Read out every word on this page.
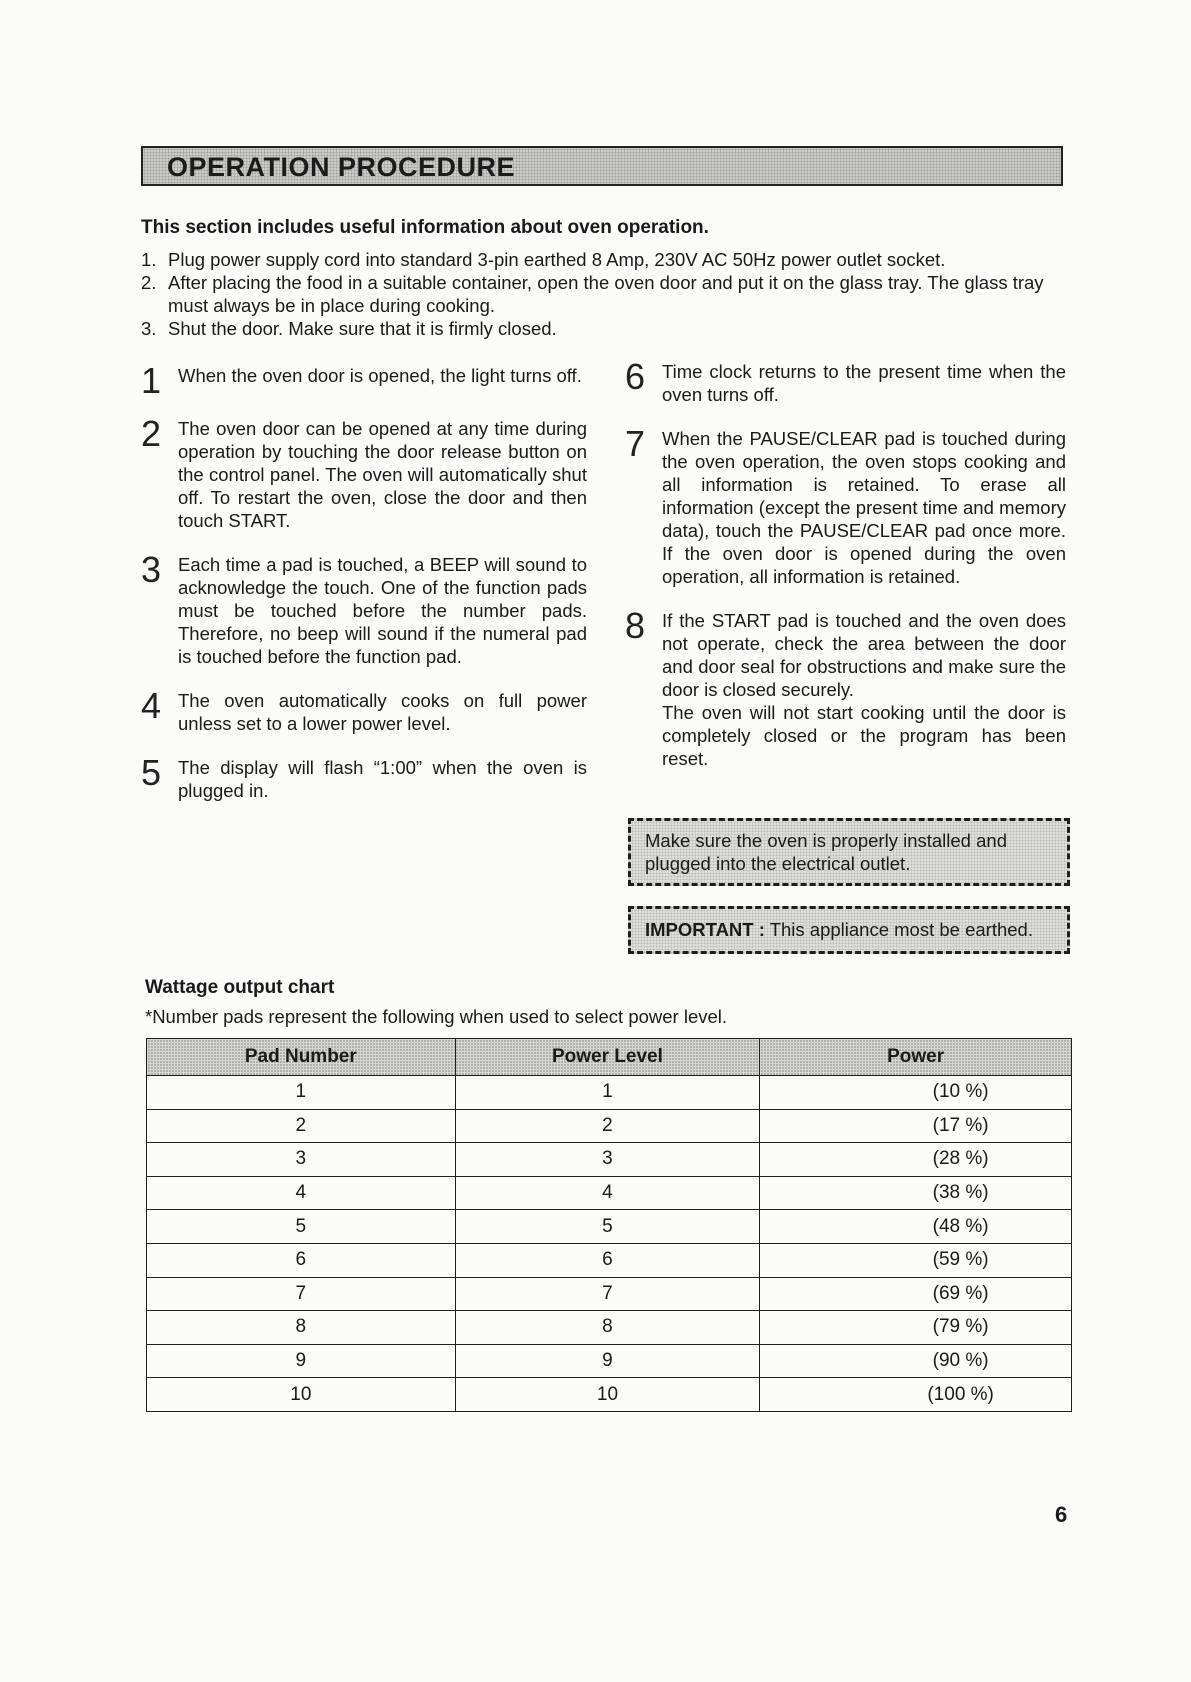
OPERATION PROCEDURE
This section includes useful information about oven operation.
1. Plug power supply cord into standard 3-pin earthed 8 Amp, 230V AC 50Hz power outlet socket.
2. After placing the food in a suitable container, open the oven door and put it on the glass tray. The glass tray must always be in place during cooking.
3. Shut the door. Make sure that it is firmly closed.
1 When the oven door is opened, the light turns off.
2 The oven door can be opened at any time during operation by touching the door release button on the control panel. The oven will automatically shut off. To restart the oven, close the door and then touch START.
3 Each time a pad is touched, a BEEP will sound to acknowledge the touch. One of the function pads must be touched before the number pads. Therefore, no beep will sound if the numeral pad is touched before the function pad.
4 The oven automatically cooks on full power unless set to a lower power level.
5 The display will flash “1:00” when the oven is plugged in.
6 Time clock returns to the present time when the oven turns off.
7 When the PAUSE/CLEAR pad is touched during the oven operation, the oven stops cooking and all information is retained. To erase all information (except the present time and memory data), touch the PAUSE/CLEAR pad once more. If the oven door is opened during the oven operation, all information is retained.
8 If the START pad is touched and the oven does not operate, check the area between the door and door seal for obstructions and make sure the door is closed securely.
The oven will not start cooking until the door is completely closed or the program has been reset.
Make sure the oven is properly installed and plugged into the electrical outlet.
IMPORTANT : This appliance most be earthed.
Wattage output chart
*Number pads represent the following when used to select power level.
Pad Number	Power Level	Power
1	1	(10 %)
2	2	(17 %)
3	3	(28 %)
4	4	(38 %)
5	5	(48 %)
6	6	(59 %)
7	7	(69 %)
8	8	(79 %)
9	9	(90 %)
10	10	(100 %)
6
